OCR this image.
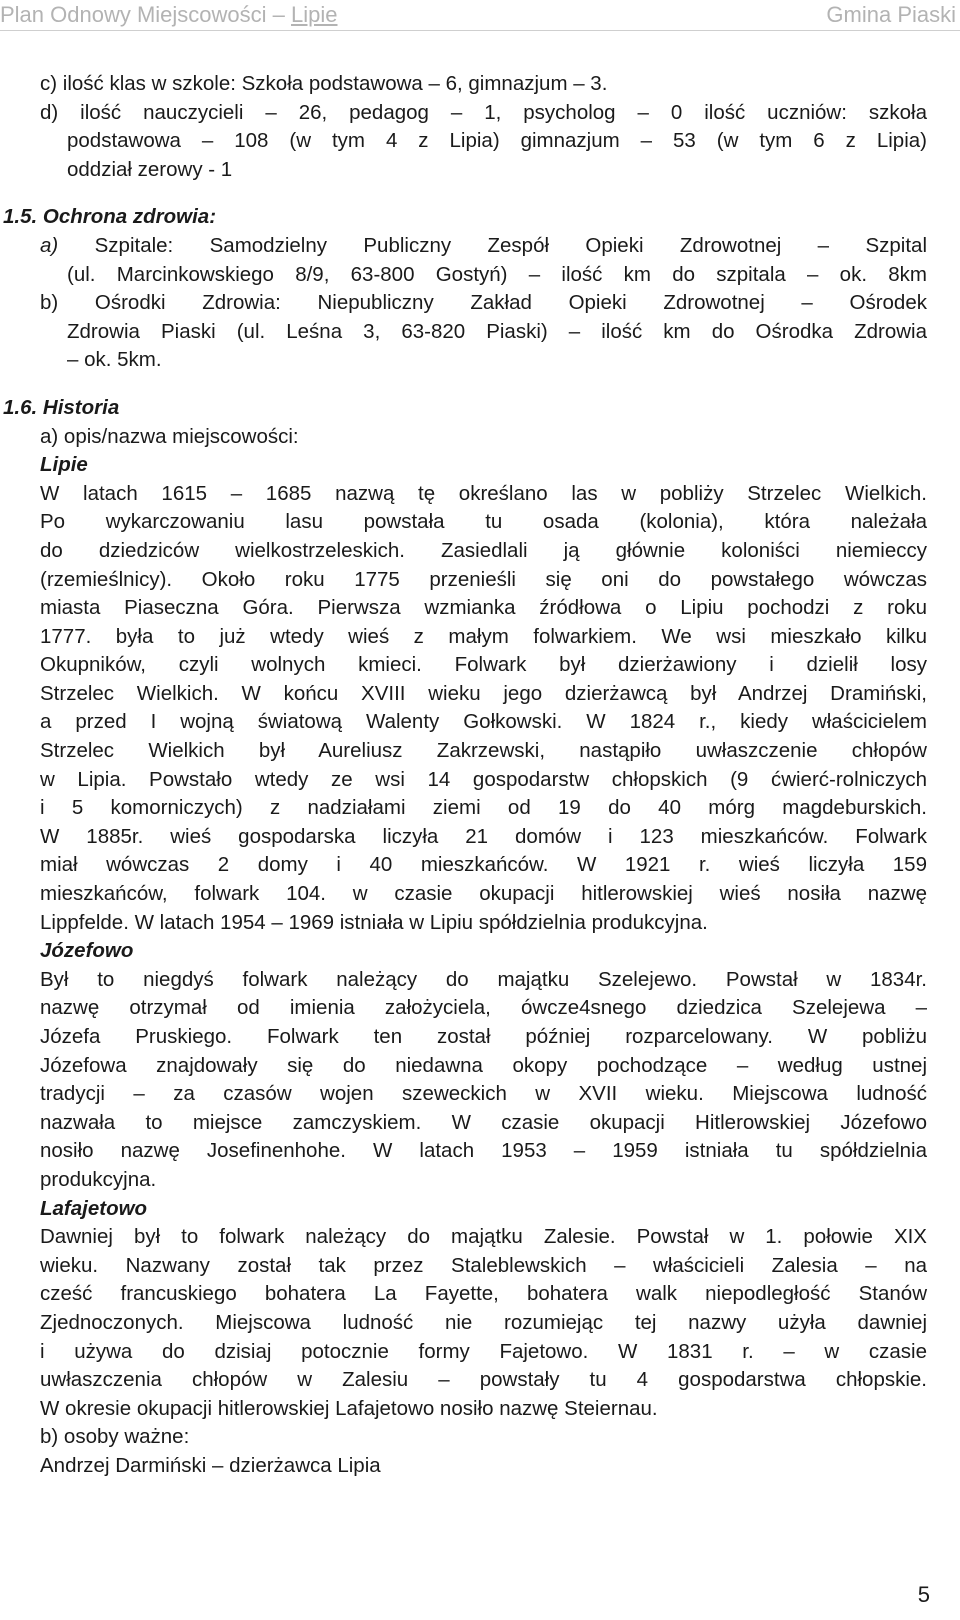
Plan Odnowy Miejscowości – Lipie	Gmina Piaski

c) ilość klas w szkole: Szkoła podstawowa – 6, gimnazjum – 3.

d) ilość nauczycieli – 26, pedagog – 1, psycholog – 0 ilość uczniów: szkoła

podstawowa – 108 (w tym 4 z Lipia) gimnazjum – 53 (w tym 6 z Lipia)

oddział zerowy - 1

1.5. Ochrona zdrowia:

a) Szpitale: Samodzielny Publiczny Zespół Opieki Zdrowotnej – Szpital

(ul. Marcinkowskiego 8/9, 63-800 Gostyń) – ilość km do szpitala – ok. 8km

b) Ośrodki Zdrowia: Niepubliczny Zakład Opieki Zdrowotnej – Ośrodek

Zdrowia Piaski (ul. Leśna 3, 63-820 Piaski) – ilość km do Ośrodka Zdrowia

– ok. 5km.

1.6. Historia

a) opis/nazwa miejscowości:

Lipie

W latach 1615 – 1685 nazwą tę określano las w pobliży Strzelec Wielkich.

Po wykarczowaniu lasu powstała tu osada (kolonia), która należała

do dziedziców wielkostrzeleskich. Zasiedlali ją głównie koloniści niemieccy

(rzemieślnicy). Około roku 1775 przenieśli się oni do powstałego wówczas

miasta Piaseczna Góra. Pierwsza wzmianka źródłowa o Lipiu pochodzi z roku

1777. była to już wtedy wieś z małym folwarkiem. We wsi mieszkało kilku

Okupników, czyli wolnych kmieci. Folwark był dzierżawiony i dzielił losy

Strzelec Wielkich. W końcu XVIII wieku jego dzierżawcą był Andrzej Dramiński,

a przed I wojną światową Walenty Gołkowski. W 1824 r., kiedy właścicielem

Strzelec Wielkich był Aureliusz Zakrzewski, nastąpiło uwłaszczenie chłopów

w Lipia. Powstało wtedy ze wsi 14 gospodarstw chłopskich (9 ćwierć-rolniczych

i 5 komorniczych) z nadziałami ziemi od 19 do 40 mórg magdeburskich.

W 1885r. wieś gospodarska liczyła 21 domów i 123 mieszkańców. Folwark

miał wówczas 2 domy i 40 mieszkańców. W 1921 r. wieś liczyła 159

mieszkańców, folwark 104. w czasie okupacji hitlerowskiej wieś nosiła nazwę

Lippfelde. W latach 1954 – 1969 istniała w Lipiu spółdzielnia produkcyjna.

Józefowo

Był to niegdyś folwark należący do majątku Szelejewo. Powstał w 1834r.

nazwę otrzymał od imienia założyciela, ówcze4snego dziedzica Szelejewa –

Józefa Pruskiego. Folwark ten został później rozparcelowany. W pobliżu

Józefowa znajdowały się do niedawna okopy pochodzące – według ustnej

tradycji – za czasów wojen szeweckich w XVII wieku. Miejscowa ludność

nazwała to miejsce zamczyskiem. W czasie okupacji Hitlerowskiej Józefowo

nosiło nazwę Josefinenhohe. W latach 1953 – 1959 istniała tu spółdzielnia

produkcyjna.

Lafajetowo

Dawniej był to folwark należący do majątku Zalesie. Powstał w 1. połowie XIX

wieku. Nazwany został tak przez Staleblewskich – właścicieli Zalesia – na

cześć francuskiego bohatera La Fayette, bohatera walk niepodległość Stanów

Zjednoczonych. Miejscowa ludność nie rozumiejąc tej nazwy użyła dawniej

i używa do dzisiaj potocznie formy Fajetowo. W 1831 r. – w czasie

uwłaszczenia chłopów w Zalesiu – powstały tu 4 gospodarstwa chłopskie.

W okresie okupacji hitlerowskiej Lafajetowo nosiło nazwę Steiernau.

b) osoby ważne:

Andrzej Darmiński – dzierżawca Lipia

5
